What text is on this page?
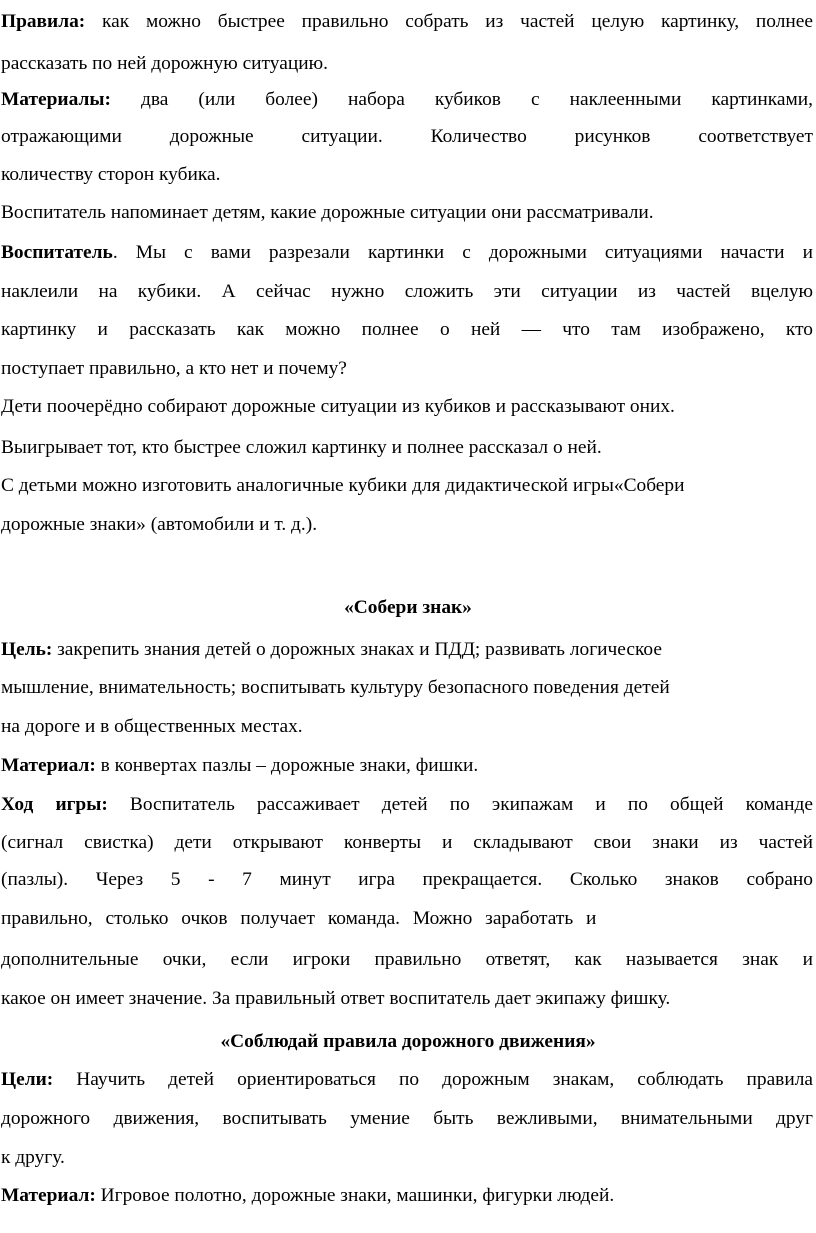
Правила: как можно быстрее правильно собрать из частей целую картинку, полнее
рассказать по ней дорожную ситуацию.
Материалы: два (или более) набора кубиков с наклеенными картинками,
отражающими дорожные ситуации. Количество рисунков соответствует
количеству сторон кубика.
Воспитатель напоминает детям, какие дорожные ситуации они рассматривали.
Воспитатель. Мы с вами разрезали картинки с дорожными ситуациями начасти и
наклеили на кубики. А сейчас нужно сложить эти ситуации из частей вцелую
картинку и рассказать как можно полнее о ней — что там изображено, кто
поступает правильно, а кто нет и почему?
Дети поочерёдно собирают дорожные ситуации из кубиков и рассказывают оних.
Выигрывает тот, кто быстрее сложил картинку и полнее рассказал о ней.
С детьми можно изготовить аналогичные кубики для дидактической игры«Собери
дорожные знаки» (автомобили и т. д.).
«Собери знак»
Цель: закрепить знания детей о дорожных знаках и ПДД; развивать логическое
мышление, внимательность; воспитывать культуру безопасного поведения детей
на дороге и в общественных местах.
Материал: в конвертах пазлы – дорожные знаки, фишки.
Ход игры: Воспитатель рассаживает детей по экипажам и по общей команде
(сигнал свистка) дети открывают конверты и складывают свои знаки из частей
(пазлы). Через 5 - 7 минут игра прекращается. Сколько знаков собрано
правильно, столько очков получает команда. Можно заработать и
дополнительные очки, если игроки правильно ответят, как называется знак и
какое он имеет значение. За правильный ответ воспитатель дает экипажу фишку.
«Соблюдай правила дорожного движения»
Цели: Научить детей ориентироваться по дорожным знакам, соблюдать правила
дорожного движения, воспитывать умение быть вежливыми, внимательными друг
к другу.
Материал: Игровое полотно, дорожные знаки, машинки, фигурки людей.
